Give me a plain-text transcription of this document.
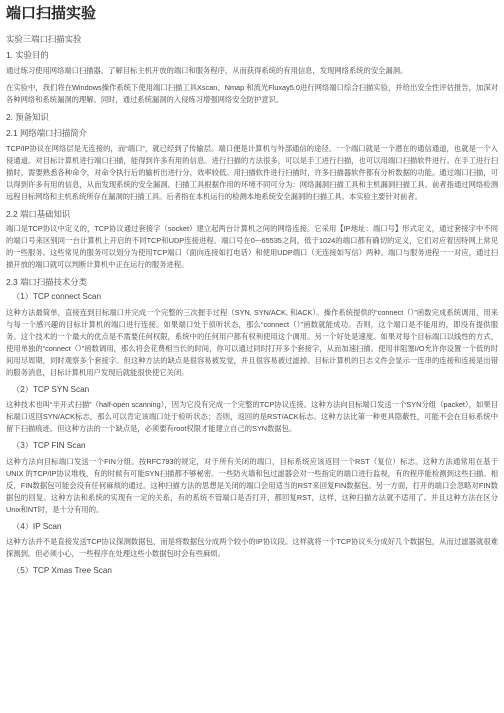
端口扫描实验
实验三端口扫描实验
1. 实验目的
通过练习使用网络端口扫描器，了解目标主机开放的端口和服务程序，从而获得系统的有用信息，发现网络系统的安全漏洞。
在实验中，我们将在Windows操作系统下使用端口扫描工具Xscan、Nmap 和流光Fluxay5.0进行网络端口综合扫描实验，并给出安全性评估报告，加深对各种网络和系统漏洞的理解。同时，通过系统漏洞的入侵练习增强网络安全防护意识。
2. 预备知识
2.1 网络端口扫描简介
TCP/IP协议在网络层是无连接的，而“端口”，就已经到了传输层。端口便是计算机与外部通信的途径。一个端口就是一个潜在的通信通道，也就是一个入侵通道。对目标计算机进行端口扫描，能得到许多有用的信息。进行扫描的方法很多，可以是手工进行扫描，也可以用端口扫描软件进行。在手工进行扫描时，需要熟悉各种命令，对命令执行后的输析出进行分，效率较低。用扫描软件进行扫描时，许多扫描器软件都有分析数据的功能。通过端口扫描，可以得到许多有用的信息，从而发现系统的安全漏洞。扫描工具根据作用的环境不同可分为：网络漏洞扫描工具和主机漏洞扫描工具。前者指通过网络检测远程目标网络和主机系统所存在漏洞的扫描工具。后者指在本机运行的检测本地系统安全漏洞的扫描工具。本实验主要针对前者。
2.2 端口基础知识
端口是TCP协议中定义的，TCP协议通过套接字（socket）建立起两台计算机之间的网络连接。它采用【IP地址：端口号】形式定义，通过套接字中不同的端口号来区别同一台计算机上开启的不同TCP和UDP连接进程。端口号在0~-65535之间，低于1024的端口都有确切的定义，它们对应着因特网上常见的一些服务。这些常见的服务可以划分为使用TCP端口（面向连接如打电话）和使用UDP端口（无连接如写信）两种。端口与服务进程一一对应，通过扫描开放的端口就可以判断计算机中正在运行的服务进程。
2.3 端口扫描技术分类
（1）TCP connect Scan
这种方法最简单，直接连到目标端口并完成一个完整的三次握手过程（SYN, SYN/ACK, 和ACK）。操作系统提供的“connect（）”函数完成系统调用，用来与每一个感兴趣的目标计算机的端口进行连接。如果端口处于侦听状态，那么“connect（）”函数就能成功。否则，这个端口是不能用的，即没有提供服务。这个技术的一个最大的优点是不需要任何权限，系统中的任何用户都有权利使用这个调用。另一个好处是速度。如果对每个目标端口以线性的方式，使用单独的“connect（）”函数调用，那么将会花费相当长的时间，你可以通过同时打开多个套接字，从而加速扫描。使用非阻塞I/O允许你设置一个低的时间用尽周期，同时观察多个套接字。但这种方法的缺点是很容易被发觉，并且很容易被过滤掉。目标计算机的日志文件会显示一连串的连接和连接是出错的服务消息，目标计算机用户发现后就能很快使它关闭。
（2）TCP SYN Scan
这种技术也叫“半开式扫描”（half-open scanning），因为它没有完成一个完整的TCP协议连接。这种方法向目标端口发送一个SYN分组（packet），如果目标端口返回SYN/ACK标志，那么可以肯定该端口处于检听状态；否则，返回的是RST/ACK标志。这种方法比第一种更具隐蔽性，可能不会在目标系统中留下扫描痕迹。但这种方法的一个缺点是，必须要有root权限才能建立自己的SYN数据包。
（3）TCP FIN Scan
这种方法向目标端口发送一个FIN分组。按RFC793的规定，对于所有关闭的端口，目标系统应该返回一个RST（复位）标志。这种方法通常用在基于UNIX 的TCP/IP协议堆栈，有的时候有可能SYN扫描都不够秘密。一些防火墙和包过滤器会对一些指定的端口进行监视，有的程序能检测到这些扫描。相反，FIN数据包可能会没有任何麻烦的通过。这种扫描方法的思想是关闭的端口会用适当的RST来回复FIN数据包。另一方面，打开的端口会忽略对FIN数据包的回复。这种方法和系统的实现有一定的关系，有的系统不管端口是否打开，都回复RST，这样，这种扫描方法就不适用了。并且这种方法在区分Unix和NT时，是十分有用的。
（4）IP Scan
这种方法并不是直接发送TCP协议探测数据包，而是将数据包分成两个较小的IP协议段。这样就将一个TCP协议头分成好几个数据包，从而过滤器就很难探测到。但必须小心，一些程序在处理这些小数据包时会有些麻烦。
（5）TCP Xmas Tree Scan
